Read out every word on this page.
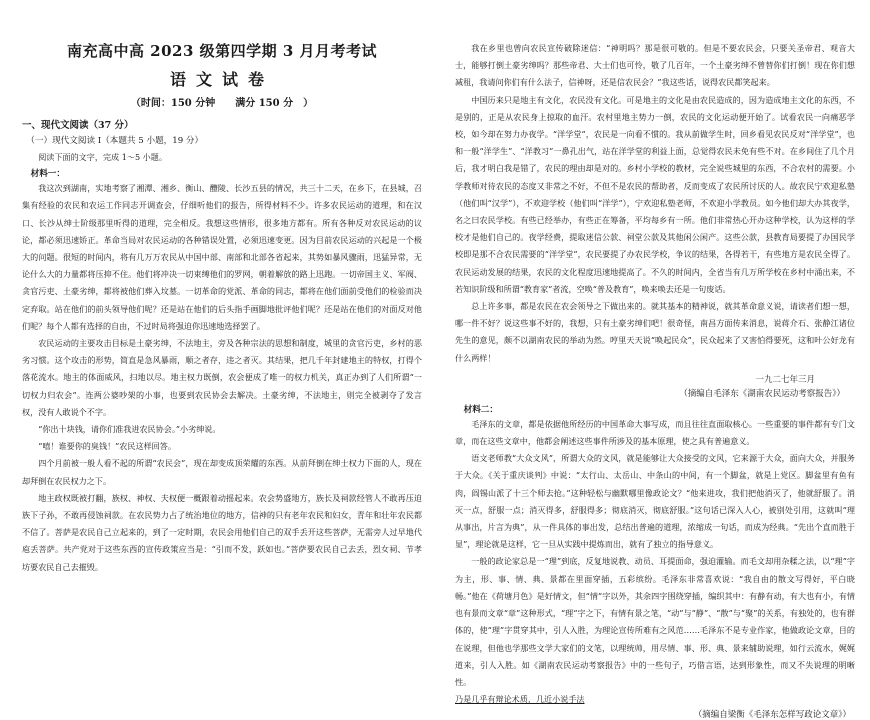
南充高中高 2023 级第四学期 3 月月考考试
语文试卷
（时间：150 分钟　　满分 150 分　）
一、现代文阅读（37 分）
（一）现代文阅读 I（本题共 5 小题，19 分）

阅读下面的文字，完成 1～5 小题。

材料一：

我这次到湖南，实地考察了湘潭、湘乡、衡山、醴陵、长沙五县的情况，共三十二天，在乡下，在县城，召集有经验的农民和农运工作同志开调查会，仔细听他们的报告，所得材料不少。许多农民运动的道理，和在汉口、长沙从绅士阶级那里听得的道理，完全相反。我想这些情形，很多地方都有。所有各种反对农民运动的议论，都必须迅速矫正。革命当局对农民运动的各种错误处置，必须迅速变更。因为目前农民运动的兴起是一个极大的问题。很短的时间内，将有几万万农民从中国中部、南部和北部各省起来，其势如暴风骤雨，迅猛异常，无论什么大的力量都将压抑不住。他们将冲决一切束缚他们的罗网，朝着解放的路上迅跑。一切帝国主义、军阀、贪官污吏、土豪劣绅，都将被他们葬入坟墓。一切革命的党派、革命的同志，都将在他们面前受他们的检验而决定弃取。站在他们的前头领导他们呢？还是站在他们的后头指手画脚地批评他们呢？还是站在他们的对面反对他们呢？每个人都有选择的自由，不过时局将强迫你迅速地选择罢了。

农民运动的主要攻击目标是土豪劣绅，不法地主，旁及各种宗法的思想和制度，城里的贪官污吏，乡村的恶劣习惯。这个攻击的形势，简直是急风暴雨，顺之者存，违之者灭。其结果，把几千年封建地主的特权，打得个落花流水。地主的体面威风，扫地以尽。地主权力既倒，农会便成了唯一的权力机关，真正办到了人们所谓“一切权力归农会”。连两公婆吵架的小事，也要到农民协会去解决。土豪劣绅，不法地主，则完全被剥夺了发言权，没有人敢说个不字。

“你出十块钱，请你们准我进农民协会。”小劣绅说。

“嘻！谁要你的臭钱！”农民这样回答。

四个月前被一般人看不起的所谓“农民会”，现在却变成顶荣耀的东西。从前拜倒在绅士权力下面的人，现在却拜倒在农民权力之下。

地主政权既被打翻，族权、神权、夫权便一概跟着动摇起来。农会势盛地方，族长及祠款经管人不敢再压迫族下子孙，不敢再侵蚀祠款。在农民势力占了统治地位的地方，信神的只有老年农民和妇女，青年和壮年农民都不信了。菩萨是农民自己立起来的，到了一定时期，农民会用他们自己的双手丢开这些菩萨，无需旁人过早地代庖丢菩萨。共产党对于这些东西的宣传政策应当是：“引而不发，跃如也。”菩萨要农民自己去丢，烈女祠、节孝坊要农民自己去摧毁。

我在乡里也曾向农民宣传破除迷信：“神明吗？那是很可敬的。但是不要农民会，只要关圣帝君、观音大士，能够打倒土豪劣绅吗？那些帝君、大士们也可怜，敬了几百年，一个土豪劣绅不曾替你们打倒！现在你们想减租，我请问你们有什么法子，信神呀，还是信农民会？”我这些话，说得农民都笑起来。

中国历来只是地主有文化，农民没有文化。可是地主的文化是由农民造成的，因为造成地主文化的东西，不是别的，正是从农民身上掠取的血汗。农村里地主势力一倒，农民的文化运动便开始了。试看农民一向痛恶学校，如今却在努力办夜学。“洋学堂”，农民是一向看不惯的。我从前做学生时，回乡看见农民反对“洋学堂”，也和一般“洋学生”、“洋教习”一鼻孔出气，站在洋学堂的利益上面，总觉得农民未免有些不对。在乡间住了几个月后，我才明白我是错了，农民的理由却是对的。乡村小学校的教材，完全说些城里的东西，不合农村的需要。小学教师对待农民的态度又非常之不好，不但不是农民的帮助者，反而变成了农民所讨厌的人。故农民宁欢迎私塾（他们叫“汉学”），不欢迎学校（他们叫“洋学”），宁欢迎私塾老师，不欢迎小学教员。如今他们却大办其夜学，名之曰农民学校。有些已经举办，有些正在筹备，平均每乡有一所。他们非常热心开办这种学校，认为这样的学校才是他们自己的。夜学经费，提取迷信公款、祠堂公款及其他闲公闲产。这些公款，县教育局要提了办国民学校即是那不合农民需要的“洋学堂”，农民要提了办农民学校，争议的结果，各得若干，有些地方是农民全得了。农民运动发展的结果，农民的文化程度迅速地提高了。不久的时间内，全省当有几万所学校在乡村中涌出来，不若知识阶级和所谓“教育家”者流，空唤“普及教育”，唤来唤去还是一句废话。

总上许多事，都是农民在农会领导之下做出来的。就其基本的精神说，就其革命意义说，请读者们想一想，哪一件不好？说这些事不好的，我想，只有土豪劣绅们吧！很奇怪，南昌方面传来消息，说蒋介石、张静江诸位先生的意见，颇不以湖南农民的举动为然。哼里天天说“唤起民众”，民众起来了又害怕得要死，这和叶公好龙有什么两样！

一九二七年三月
（摘编自毛泽东《湖南农民运动考察报告》）
材料二：

毛泽东的文章，都是依据他所经历的中国革命大事写成，而且往往直面取核心。一些重要的事件都有专门文章，而在这些文章中，他都会阐述这些事件所涉及的基本原理，使之具有普遍意义。

语文老师教“大众文风”，所谓大众的文风，就是能够让大众接受的文风，它来源于大众，面向大众，并服务于大众。《关于重庆谈判》中说：“太行山、太岳山、中条山的中间，有一个脚盆，就是上党区。脚盆里有鱼有肉，阎锡山派了十三个师去抢。”这种轻松与幽默哪里像政论文？“他来进攻，我们把他消灭了，他就舒服了。消灭一点，舒服一点；消灭得多，舒服得多；彻底消灭，彻底舒服。”这句话已深入人心，被别处引用，这就叫“理从事出，片言为典”，从一件具体的事出发，总结出普遍的道理，浓缩成一句话，而成为经典。“先出个直而胜于显”，理论就是这样，它一旦从实践中提炼而出，就有了独立的指导意义。

一般的政论家总是一“理”到底，反复地说教、动员、耳提面命，强迫灌输。而毛文却用杂糅之法，以“理”字为主，形、事、情、典、景都在里面穿插，五彩缤纷。毛泽东非常喜欢说：“我自由的散文写得好，平白晓畅。”他在《荷塘月色》是好情文，但“情”字以外，其余四字围绕穿插，编织其中：有静有动，有大也有小，有情也有景而文章“章”这种形式，“理”字之下，有情有景之笔，“动”与“静”、“散”与“聚”的关系，有独处的，也有群体的，使“理”字贯穿其中，引人入胜，为理论宣传所难有之风范……毛泽东不是专业作家，他做政论文章，目的在说理，但他也学那些文学大家们的文笔，以理统帅，用尽情、事、形、典、景来辅助说理，如行云流水，娓娓道来，引人入胜。如《湖南农民运动考察报告》中的一些句子，巧借言语，达到形象性，而又不失说理的明晰性。

乃是几乎有辩论术质，几近小说手法

（摘编自梁衡《毛泽东怎样写政论文章》）
